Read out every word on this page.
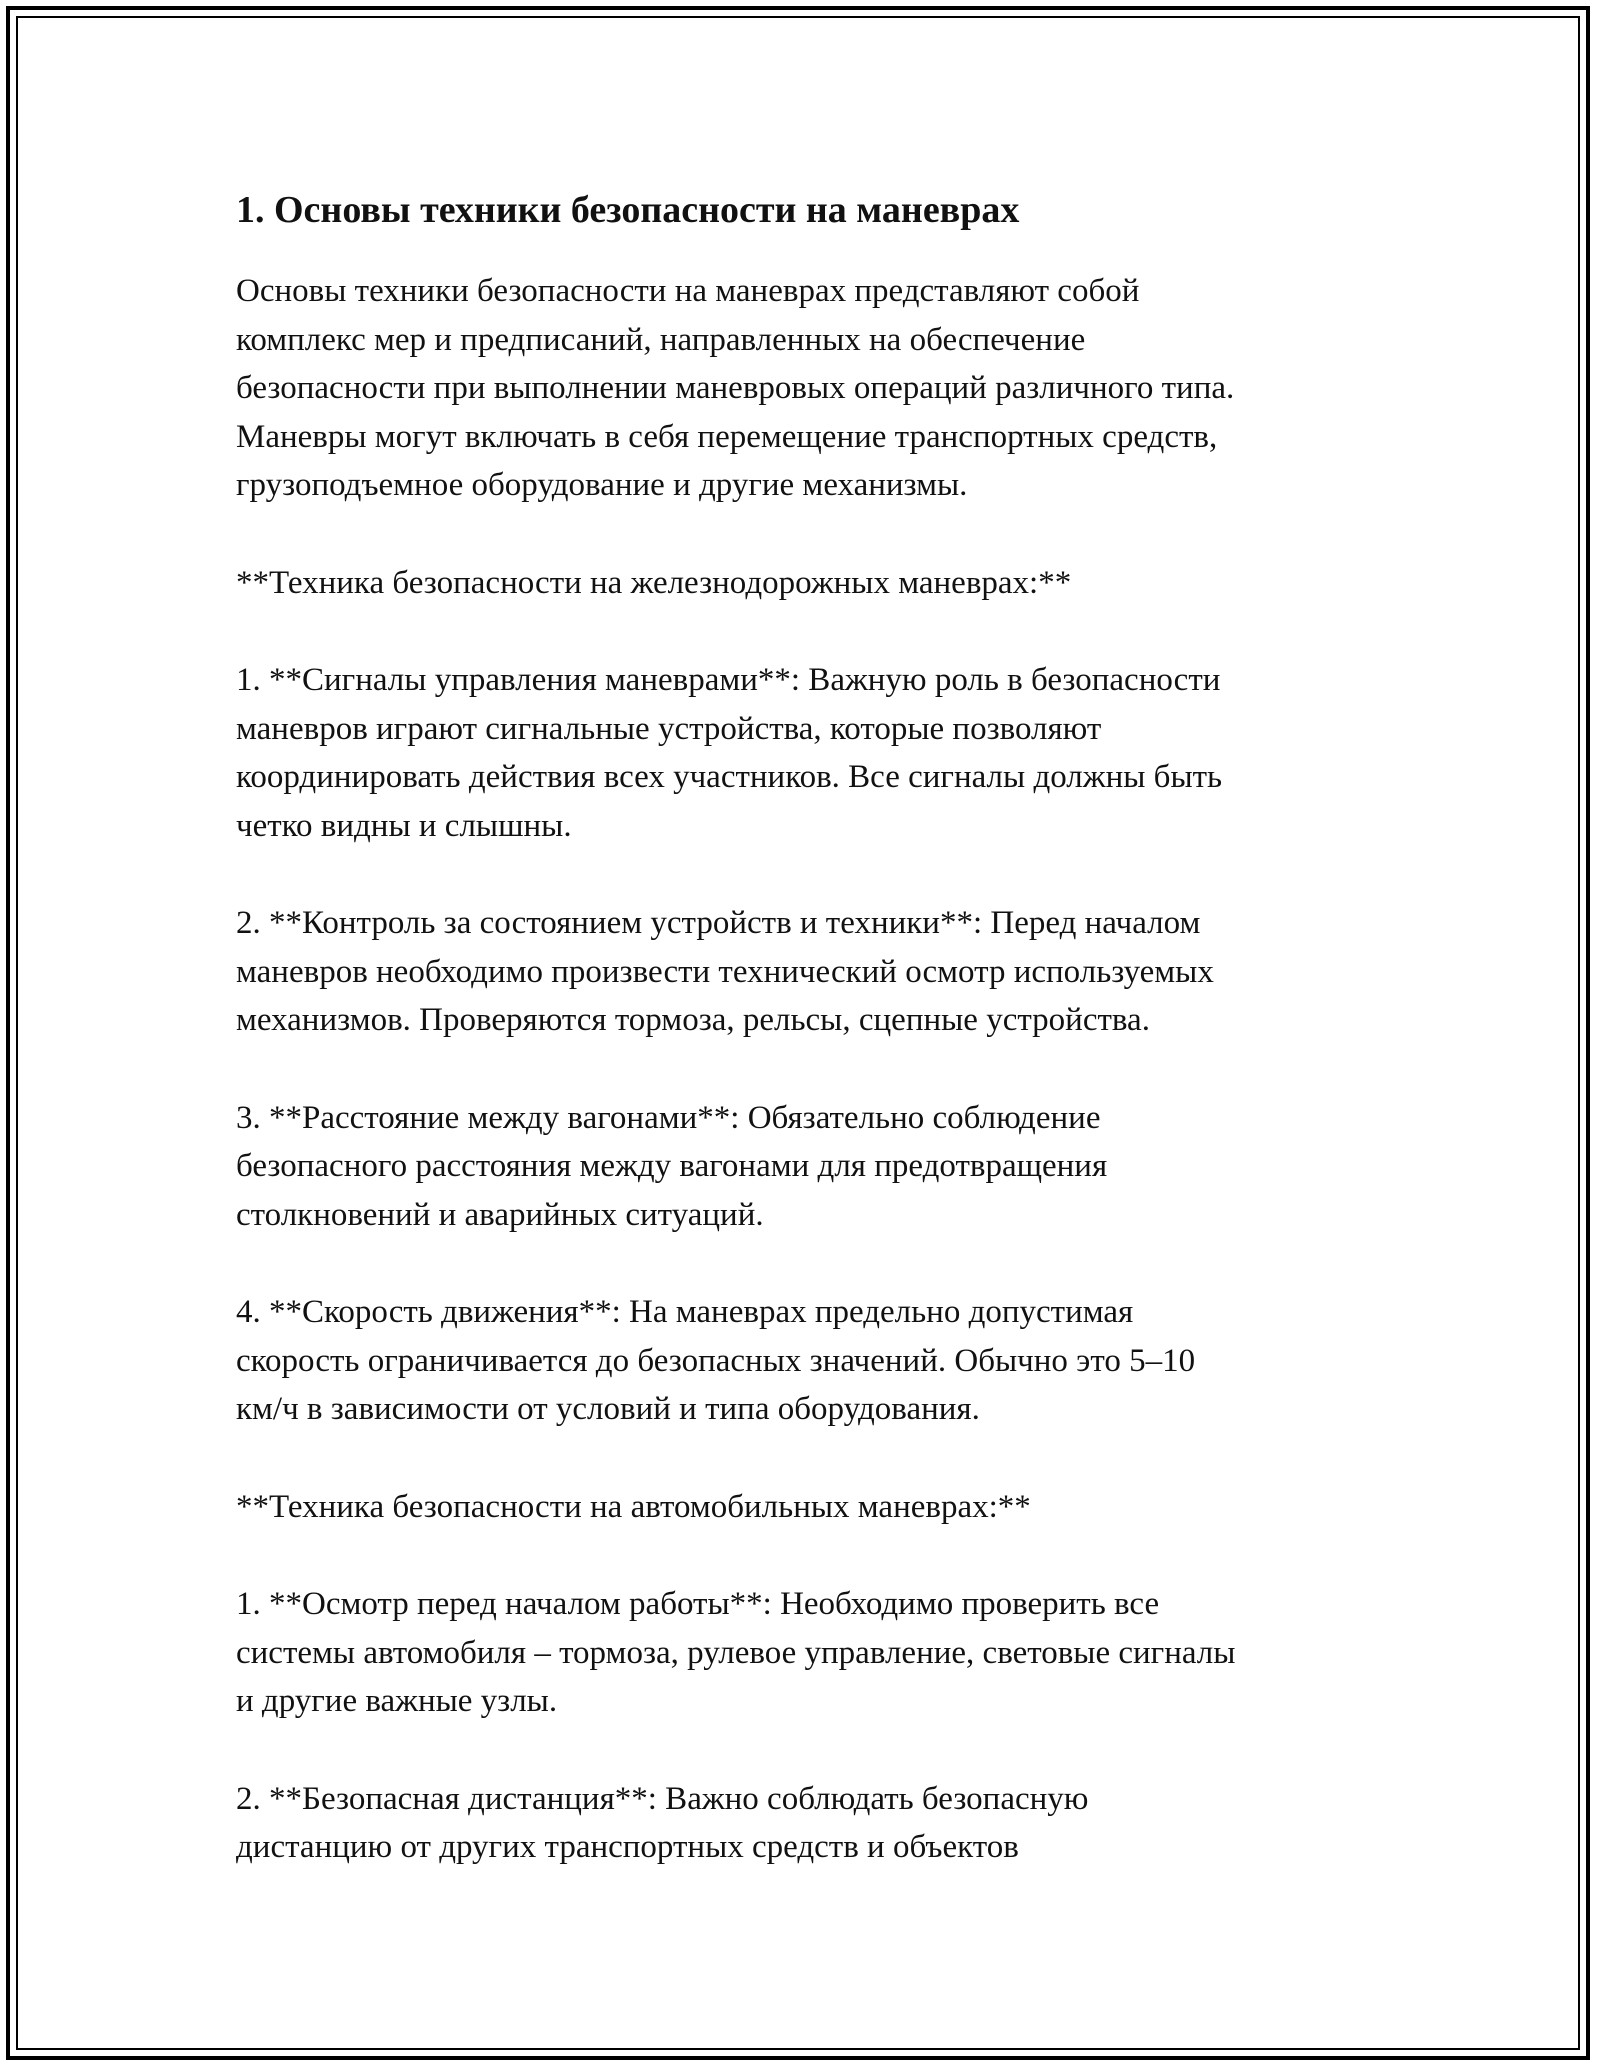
1. Основы техники безопасности на маневрах

Основы техники безопасности на маневрах представляют собой
комплекс мер и предписаний, направленных на обеспечение
безопасности при выполнении маневровых операций различного типа.
Маневры могут включать в себя перемещение транспортных средств,
грузоподъемное оборудование и другие механизмы.

**Техника безопасности на железнодорожных маневрах:**

1. **Сигналы управления маневрами**: Важную роль в безопасности
маневров играют сигнальные устройства, которые позволяют
координировать действия всех участников. Все сигналы должны быть
четко видны и слышны.

2. **Контроль за состоянием устройств и техники**: Перед началом
маневров необходимо произвести технический осмотр используемых
механизмов. Проверяются тормоза, рельсы, сцепные устройства.

3. **Расстояние между вагонами**: Обязательно соблюдение
безопасного расстояния между вагонами для предотвращения
столкновений и аварийных ситуаций.

4. **Скорость движения**: На маневрах предельно допустимая
скорость ограничивается до безопасных значений. Обычно это 5–10
км/ч в зависимости от условий и типа оборудования.

**Техника безопасности на автомобильных маневрах:**

1. **Осмотр перед началом работы**: Необходимо проверить все
системы автомобиля – тормоза, рулевое управление, световые сигналы
и другие важные узлы.

2. **Безопасная дистанция**: Важно соблюдать безопасную
дистанцию от других транспортных средств и объектов
